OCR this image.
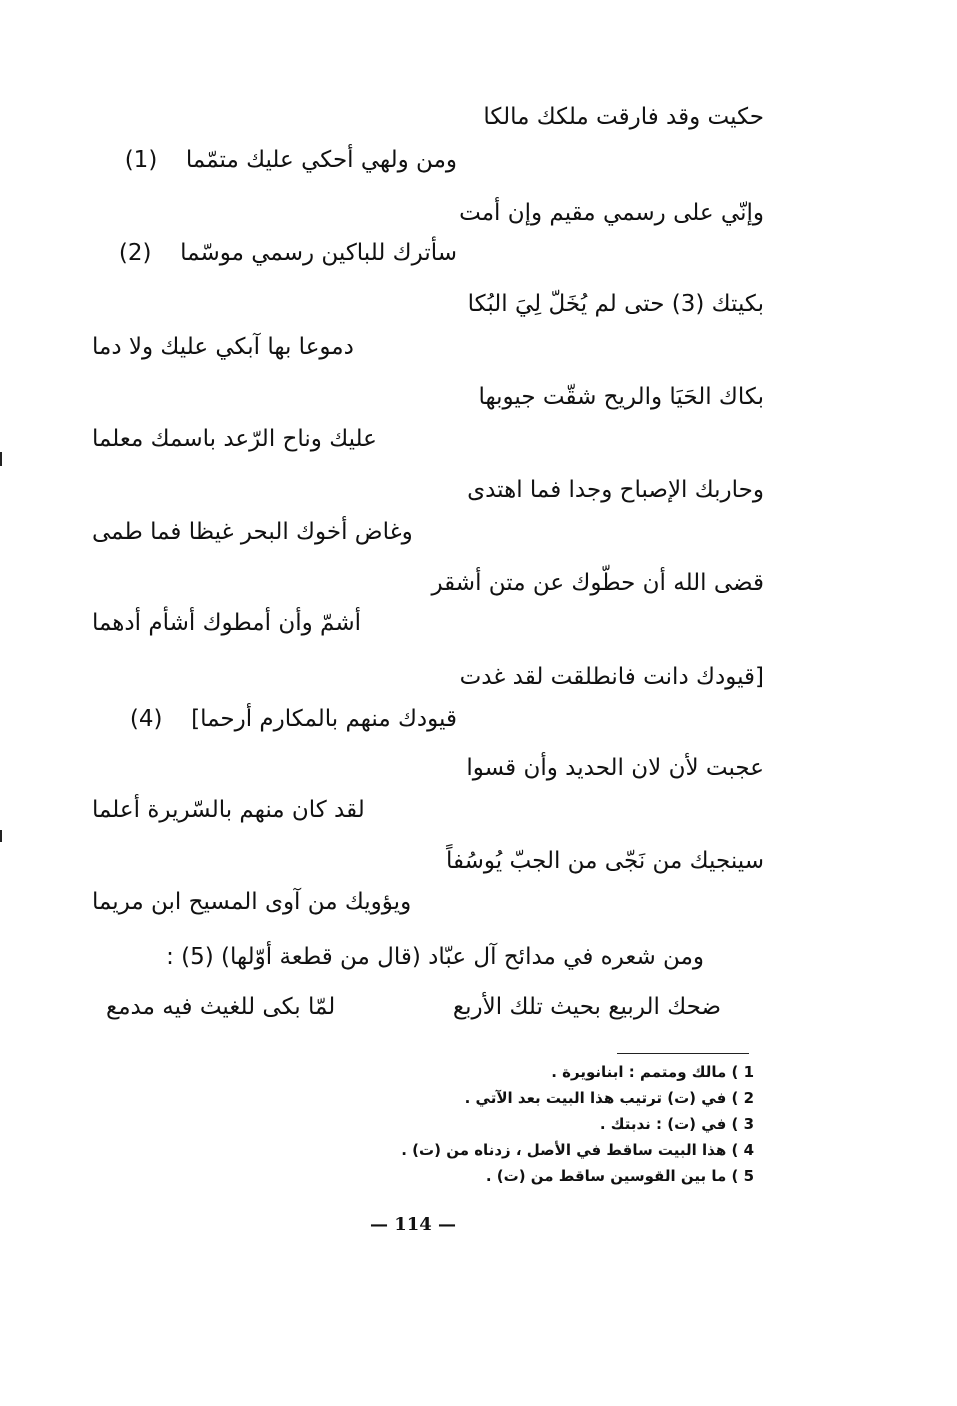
حكيت وقد فارقت ملكك مالكا
ومن ولهي أحكي عليك متمّما  (1)
وإنّي على رسمي مقيم وإن أمت
سأترك للباكين رسمي موسّما  (2)
بكيتك (3) حتى لم يُخَلّ لِيَ البُكا
دموعا بها آبكي عليك ولا دما
بكاك الحَيَا والريح شقّت جيوبها
عليك وناح الرّعد باسمك معلما
وحاربك الإصباح وجدا فما اهتدى
وغاض أخوك البحر غيظا فما طمى
قضى الله أن حطّوك عن متن أشقر
أشمّ وأن أمطوك أشأم أدهما
[قيودك دانت فانطلقت لقد غدت
قيودك منهم بالمكارم أرحما]  (4)
عجبت لأن لان الحديد وأن قسوا
لقد كان منهم بالسّريرة أعلما
سينجيك من نَجّى من الجبّ يُوسُفاً
ويؤويك من آوى المسيح ابن مريما
ومن شعره في مدائح آل عبّاد (قال من قطعة أوّلها) (5) :
ضحك الربيع بحيث تلك الأربع
لمّا بكى للغيث فيه مدمع
1 ) مالك ومتمم : ابنانويرة .
2 ) في (ت) ترتيب هذا البيت بعد الآتي .
3 ) في (ت) : ندبتك .
4 ) هذا البيت ساقط في الأصل ، زدناه من (ت) .
5 ) ما بين القوسين ساقط من (ت) .
— 114 —
